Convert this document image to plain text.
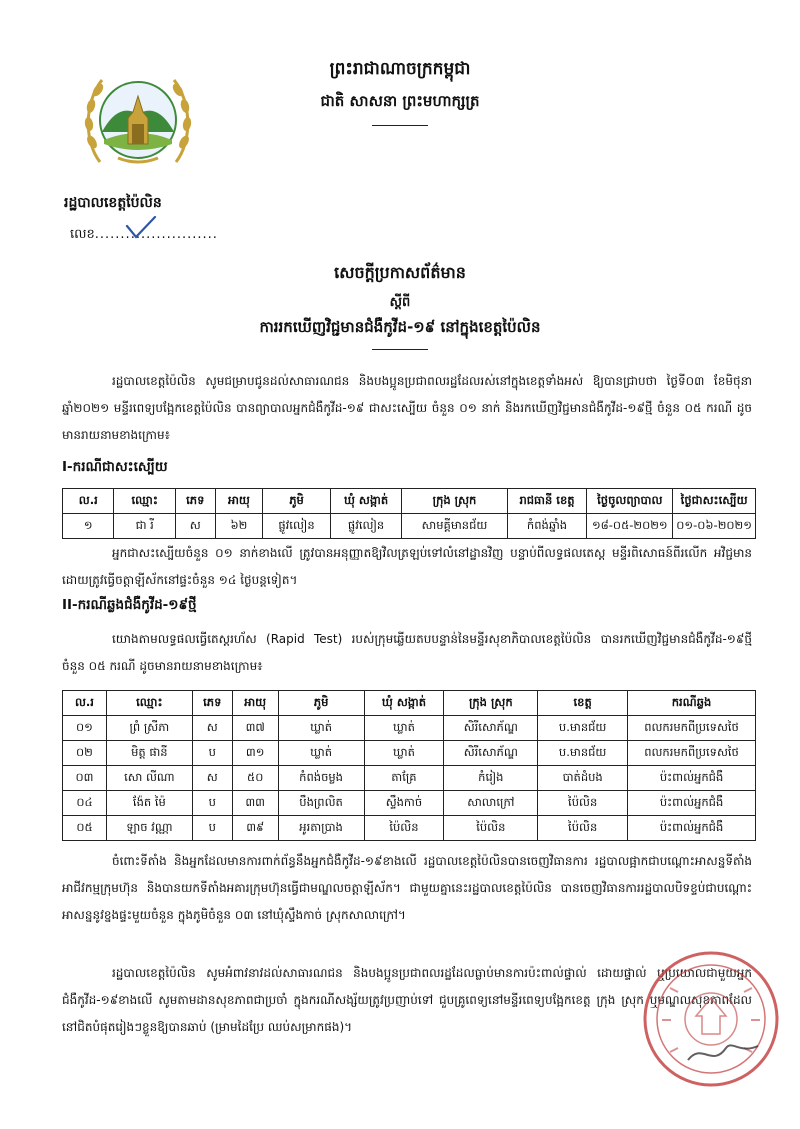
ព្រះរាជាណាចក្រកម្ពុជា
ជាតិ សាសនា ព្រះមហាក្សត្រ
រដ្ឋបាលខេត្តប៉ៃលិន
លេខ........................
សេចក្តីប្រកាសព័ត៌មាន
ស្តីពី
ការរកឃើញវិជ្ជមានជំងឺកូវីដ-១៩ នៅក្នុងខេត្តប៉ៃលិន
រដ្ឋបាលខេត្តប៉ៃលិន សូមជម្រាបជូនដល់សាធារណជន និងបងប្អូនប្រជាពលរដ្ឋដែលរស់នៅក្នុងខេត្តទាំងអស់ ឱ្យបានជ្រាបថា ថ្ងៃទី០៣ ខែមិថុនា ឆ្នាំ២០២១ មន្ទីរពេទ្យបង្អែកខេត្តប៉ៃលិន បានព្យាបាលអ្នកជំងឺកូវីដ-១៩ ជាសះស្បើយ ចំនួន ០១ នាក់ និងរកឃើញវិជ្ជមានជំងឺកូវីដ-១៩ថ្មី ចំនួន ០៥ ករណី ដូចមានរាយនាមខាងក្រោម៖
I-ករណីជាសះស្បើយ
ល.រ	ឈ្មោះ	ភេទ	អាយុ	ភូមិ	ឃុំ សង្កាត់	ក្រុង ស្រុក	រាជធានី ខេត្ត	ថ្ងៃចូលព្យាបាល	ថ្ងៃជាសះស្បើយ
១	ជា រី	ស	៦២	ផ្លូវលៀន	ផ្លូវលៀន	សាមគ្គីមានជ័យ	កំពង់ឆ្នាំង	១៨-០៥-២០២១	០១-០៦-២០២១
អ្នកជាសះស្បើយចំនួន ០១ នាក់ខាងលើ ត្រូវបានអនុញ្ញាតឱ្យវិលត្រឡប់ទៅលំនៅដ្ឋានវិញ បន្ទាប់ពីលទ្ធផលតេស្ត មន្ទីរពិសោធន៍ពីរលើក អវិជ្ជមាន ដោយត្រូវធ្វើចត្តាឡីស័កនៅផ្ទះចំនួន ១៤ ថ្ងៃបន្តទៀត។
II-ករណីឆ្លងជំងឺកូវីដ-១៩ថ្មី
យោងតាមលទ្ធផលធ្វើតេស្តរហ័ស (Rapid Test) របស់ក្រុមឆ្លើយតបបន្ទាន់នៃមន្ទីរសុខាភិបាលខេត្តប៉ៃលិន បានរកឃើញវិជ្ជមានជំងឺកូវីដ-១៩ថ្មី ចំនួន ០៥ ករណី ដូចមានរាយនាមខាងក្រោម៖
ល.រ	ឈ្មោះ	ភេទ	អាយុ	ភូមិ	ឃុំ សង្កាត់	ក្រុង ស្រុក	ខេត្ត	ករណីឆ្លង
០១	ព្រំ ស្រីភា	ស	៣៧	ឃ្លាត់	ឃ្លាត់	សិរីសោភ័ណ្ឌ	ប.មានជ័យ	ពលករមកពីប្រទេសថៃ
០២	មិត្ត ផានី	ប	៣១	ឃ្លាត់	ឃ្លាត់	សិរីសោភ័ណ្ឌ	ប.មានជ័យ	ពលករមកពីប្រទេសថៃ
០៣	សោ លីណា	ស	៥០	កំពង់ចម្លង	តាគ្រែ	កំរៀង	បាត់ដំបង	ប៉ះពាល់អ្នកជំងឺ
០៤	ង៉ែត ម៉ៃ	ប	៣៣	បឹងព្រលិត	ស្ទឹងកាច់	សាលាក្រៅ	ប៉ៃលិន	ប៉ះពាល់អ្នកជំងឺ
០៥	ឡាច វណ្ណា	ប	៣៩	អូរតាប្រាង	ប៉ៃលិន	ប៉ៃលិន	ប៉ៃលិន	ប៉ះពាល់អ្នកជំងឺ
ចំពោះទីតាំង និងអ្នកដែលមានការពាក់ព័ន្ធនឹងអ្នកជំងឺកូវីដ-១៩ខាងលើ រដ្ឋបាលខេត្តប៉ៃលិនបានចេញវិធានការ រដ្ឋបាលផ្អាកជាបណ្តោះអាសន្នទីតាំងអាជីវកម្មក្រុមហ៊ុន និងបានយកទីតាំងអគារក្រុមហ៊ុនធ្វើជាមណ្ឌលចត្តាឡីស័ក។ ជាមួយគ្នានេះរដ្ឋបាលខេត្តប៉ៃលិន បានចេញវិធានការរដ្ឋបាលបិទខ្ទប់ជាបណ្តោះអាសន្ននូវខ្នងផ្ទះមួយចំនួន ក្នុងភូមិចំនួន ០៣ នៅឃុំស្ទឹងកាច់ ស្រុកសាលាក្រៅ។
រដ្ឋបាលខេត្តប៉ៃលិន សូមអំពាវនាវដល់សាធារណជន និងបងប្អូនប្រជាពលរដ្ឋដែលធ្លាប់មានការប៉ះពាល់ផ្ទាល់ ដោយផ្ទាល់ ឬប្រយោលជាមួយអ្នកជំងឺកូវីដ-១៩ខាងលើ សូមតាមដានសុខភាពជាប្រចាំ ក្នុងករណីសង្ស័យត្រូវប្រញាប់ទៅ ជួបគ្រូពេទ្យនៅមន្ទីរពេទ្យបង្អែកខេត្ត ក្រុង ស្រុក ឬមណ្ឌលសុខភាពដែលនៅជិតបំផុតរៀងៗខ្លួនឱ្យបានឆាប់ (ម្រាមដៃប្រែ ឈប់សម្រាកផង)។
